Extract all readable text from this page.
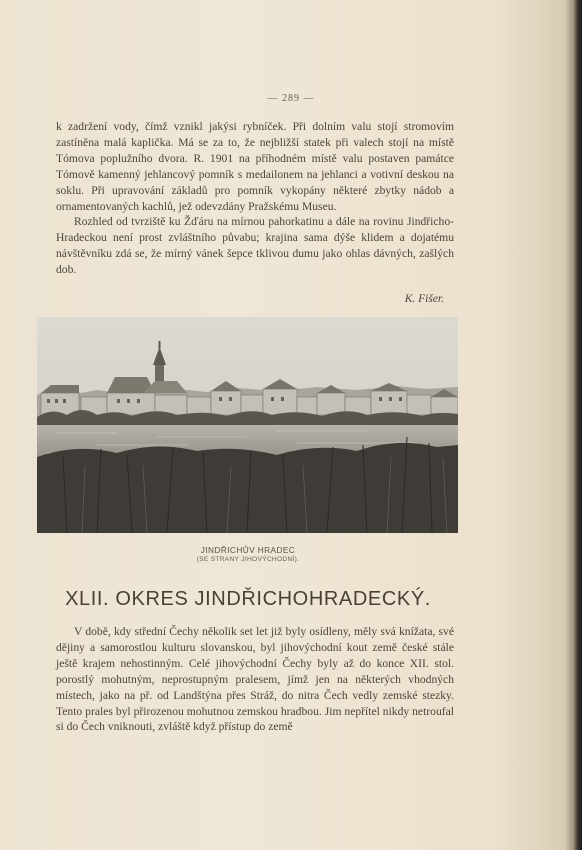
— 289 —

k zadržení vody, čímž vznikl jakýsi rybníček. Při dolním valu stojí stromovím zastíněna malá kaplička. Má se za to, že nejbližší statek při valech stojí na místě Tómova poplužního dvora. R. 1901 na příhodném místě valu postaven památce Tómově kamenný jehlancový pomník s medailonem na jehlanci a votivní deskou na soklu. Při upravování základů pro pomník vykopány některé zbytky nádob a ornamentovaných kachlů, jež odevzdány Pražskému Museu.

Rozhled od tvrziště ku Žďáru na mírnou pahorkatinu a dále na rovinu Jindřicho-Hradeckou není prost zvláštního půvabu; krajina sama dýše klidem a dojatému návštěvníku zdá se, že mírný vánek šepce tklivou dumu jako ohlas dávných, zašlých dob.

K. Fišer.
JINDŘICHŮV HRADEC
(SE STRANY JIHOVÝCHODNÍ).
XLII. OKRES JINDŘICHOHRADECKÝ.

V době, kdy střední Čechy několik set let již byly osídleny, měly svá knížata, své dějiny a samorostlou kulturu slovanskou, byl jihovýchodní kout země české stále ještě krajem nehostinným. Celé jihovýchodní Čechy byly až do konce XII. stol. porostlý mohutným, neprostupným pralesem, jímž jen na některých vhodných místech, jako na př. od Landštýna přes Stráž, do nitra Čech vedly zemské stezky. Tento prales byl přirozenou mohutnou zemskou hradbou. Jim nepřítel nikdy netroufal si do Čech vniknouti, zvláště když přístup do země
